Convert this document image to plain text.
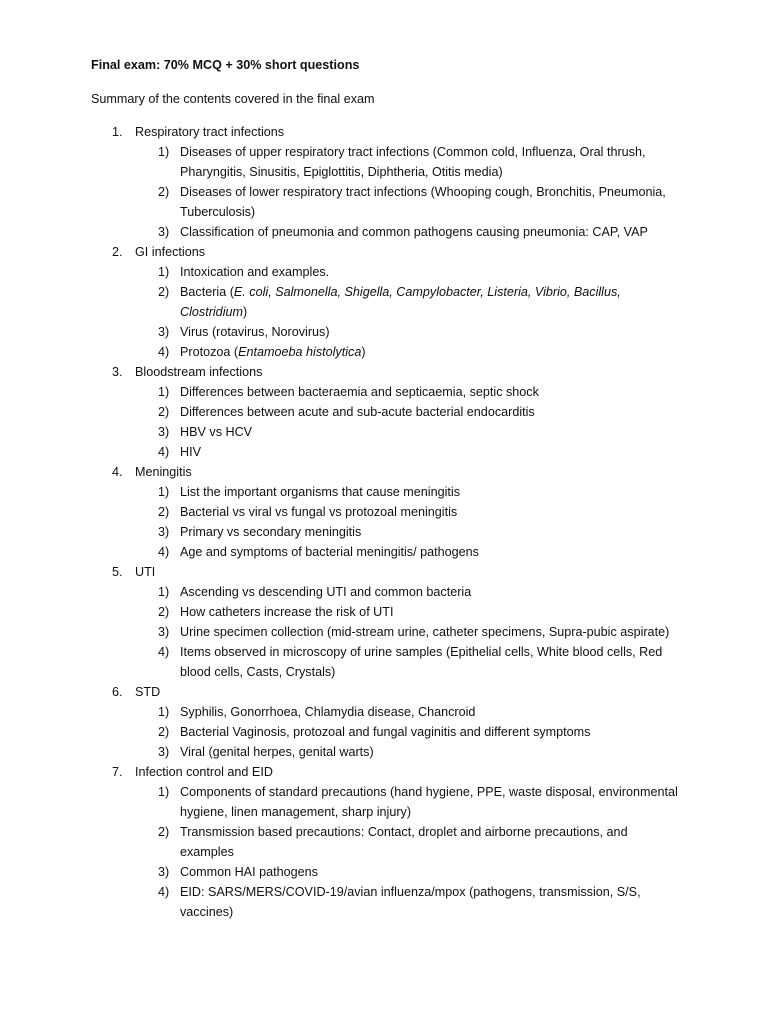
Final exam: 70% MCQ + 30% short questions
Summary of the contents covered in the final exam
1. Respiratory tract infections
1) Diseases of upper respiratory tract infections (Common cold, Influenza, Oral thrush, Pharyngitis, Sinusitis, Epiglottitis, Diphtheria, Otitis media)
2) Diseases of lower respiratory tract infections (Whooping cough, Bronchitis, Pneumonia, Tuberculosis)
3) Classification of pneumonia and common pathogens causing pneumonia: CAP, VAP
2. GI infections
1) Intoxication and examples.
2) Bacteria (E. coli, Salmonella, Shigella, Campylobacter, Listeria, Vibrio, Bacillus, Clostridium)
3) Virus (rotavirus, Norovirus)
4) Protozoa (Entamoeba histolytica)
3. Bloodstream infections
1) Differences between bacteraemia and septicaemia, septic shock
2) Differences between acute and sub-acute bacterial endocarditis
3) HBV vs HCV
4) HIV
4. Meningitis
1) List the important organisms that cause meningitis
2) Bacterial vs viral vs fungal vs protozoal meningitis
3) Primary vs secondary meningitis
4) Age and symptoms of bacterial meningitis/ pathogens
5. UTI
1) Ascending vs descending UTI and common bacteria
2) How catheters increase the risk of UTI
3) Urine specimen collection (mid-stream urine, catheter specimens, Supra-pubic aspirate)
4) Items observed in microscopy of urine samples (Epithelial cells, White blood cells, Red blood cells, Casts, Crystals)
6. STD
1) Syphilis, Gonorrhoea, Chlamydia disease, Chancroid
2) Bacterial Vaginosis, protozoal and fungal vaginitis and different symptoms
3) Viral (genital herpes, genital warts)
7. Infection control and EID
1) Components of standard precautions (hand hygiene, PPE, waste disposal, environmental hygiene, linen management, sharp injury)
2) Transmission based precautions: Contact, droplet and airborne precautions, and examples
3) Common HAI pathogens
4) EID: SARS/MERS/COVID-19/avian influenza/mpox (pathogens, transmission, S/S, vaccines)
